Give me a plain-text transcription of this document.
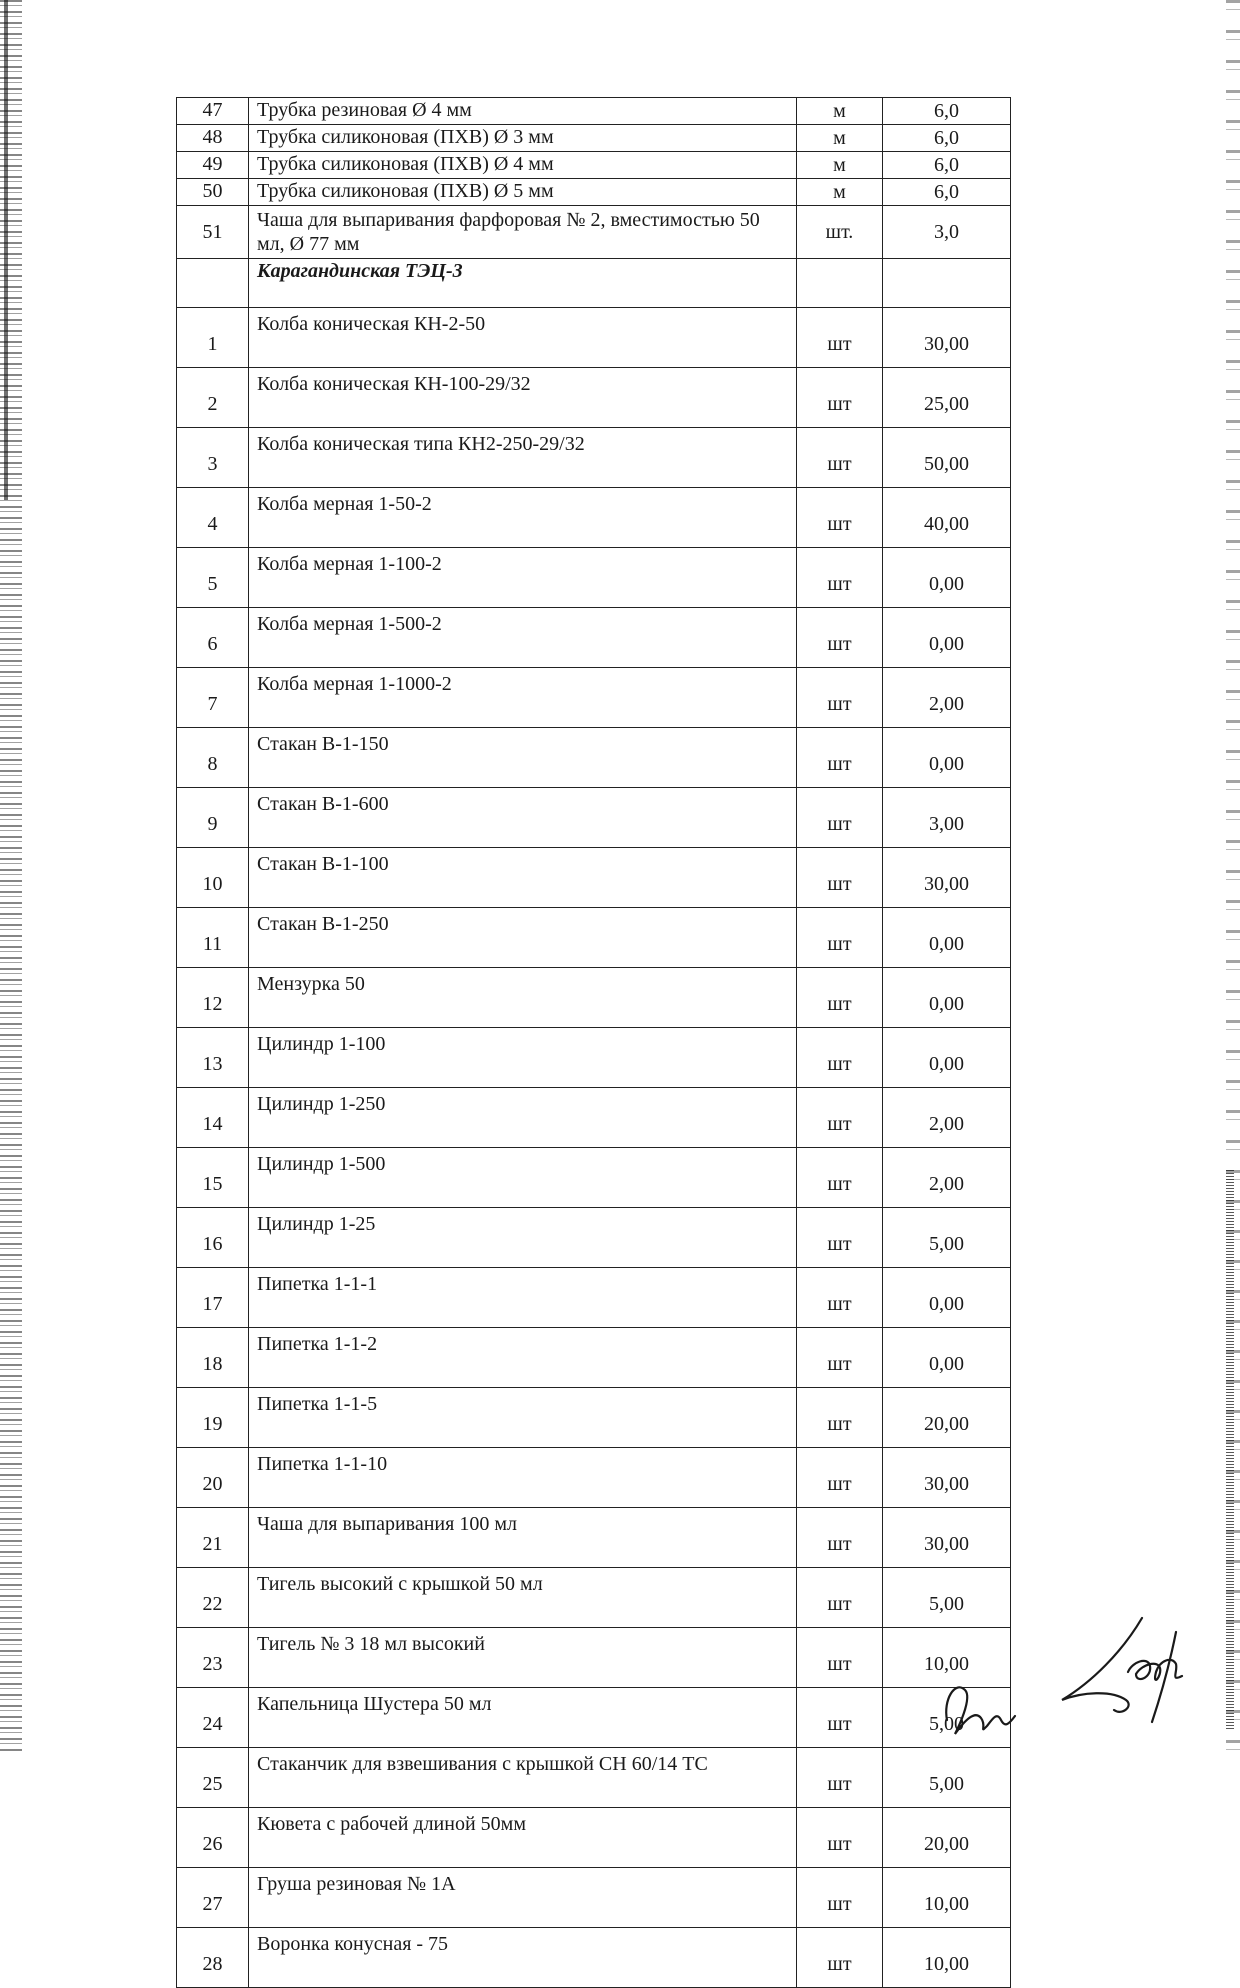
47	Трубка резиновая Ø 4 мм	м	6,0
48	Трубка силиконовая (ПХВ) Ø 3 мм	м	6,0
49	Трубка силиконовая (ПХВ) Ø 4 мм	м	6,0
50	Трубка силиконовая (ПХВ) Ø 5 мм	м	6,0
51	Чаша для выпаривания фарфоровая № 2, вместимостью 50 мл, Ø 77 мм	шт.	3,0
	Карагандинская ТЭЦ-3		
1	Колба коническая КН-2-50	шт	30,00
2	Колба коническая КН-100-29/32	шт	25,00
3	Колба коническая типа КН2-250-29/32	шт	50,00
4	Колба мерная 1-50-2	шт	40,00
5	Колба мерная 1-100-2	шт	0,00
6	Колба мерная 1-500-2	шт	0,00
7	Колба мерная 1-1000-2	шт	2,00
8	Стакан В-1-150	шт	0,00
9	Стакан В-1-600	шт	3,00
10	Стакан В-1-100	шт	30,00
11	Стакан В-1-250	шт	0,00
12	Мензурка 50	шт	0,00
13	Цилиндр 1-100	шт	0,00
14	Цилиндр 1-250	шт	2,00
15	Цилиндр 1-500	шт	2,00
16	Цилиндр 1-25	шт	5,00
17	Пипетка 1-1-1	шт	0,00
18	Пипетка 1-1-2	шт	0,00
19	Пипетка 1-1-5	шт	20,00
20	Пипетка 1-1-10	шт	30,00
21	Чаша для выпаривания 100 мл	шт	30,00
22	Тигель высокий с крышкой 50 мл	шт	5,00
23	Тигель № 3 18 мл высокий	шт	10,00
24	Капельница Шустера 50 мл	шт	5,00
25	Стаканчик для взвешивания с крышкой СН 60/14 ТС	шт	5,00
26	Кювета с рабочей длиной 50мм	шт	20,00
27	Груша резиновая № 1А	шт	10,00
28	Воронка конусная - 75	шт	10,00
